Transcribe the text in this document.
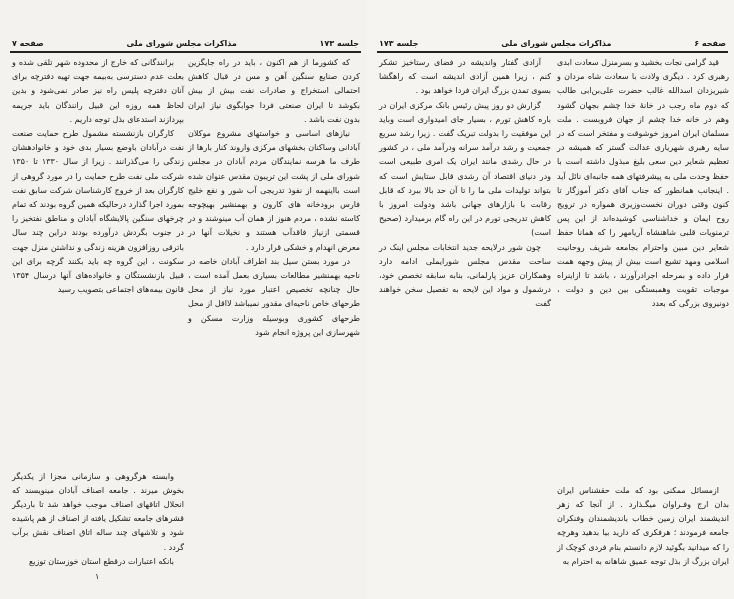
جلسه ۱۷۳
مذاکرات مجلس شورای ملی
صفحه ۷

که کشورما از هم اکنون ، باید در راه جایگزین کردن صنایع سنگین آهن و مس در قبال کاهش احتمالی استخراج و صادرات نفت بیش از بیش بکوشد تا ایران صنعتی فردا جوابگوی نیاز ایران بدون نفت باشد .

نیازهای اساسی و خواستهای مشروع موکلان آبادانی وساکنان بخشهای مرکزی واروند کنار بارها از طرف ما هرسه نمایندگان مردم آبادان در مجلس شورای ملی از پشت این تریبون مقدس عنوان شده است بااینهمه از نفوذ تدریجی آب شور و نفع خلیج فارس برودخانه های کارون و بهمنشیر بهیچوجه کاسته نشده ، مردم هنوز از همان آب مینوشند و در قسمتی ازنیاز فاقدآب هستند و نخیلات آنها در معرض انهدام و خشکی قرار دارد .

در مورد بستن سیل بند اطراف آبادان خاصه در ناحیه بهمنشیر مطالعات بسیاری بعمل آمده است ، حال چنانچه تخصیص اعتبار مورد نیاز از محل طرحهای خاص ناحیه‌ای مقدور نمیباشد لااقل از محل طرحهای کشوری وبوسیله وزارت مسکن و شهرسازی این پروژه انجام شود

برانندگانی که خارج از محدوده شهر تلقی شده و بعلت عدم دسترسی به‌بیمه جهت تهیه دفترچه برای آنان دفترچه پلیس راه نیز صادر نمی‌شود و بدین لحاظ همه روزه این قبیل رانندگان باید جریمه بپردازند استدعای بذل توجه داریم .

کارگران بازنشسته مشمول طرح حمایت صنعت نفت درآبادان باوضع بسیار بدی خود و خانوادهشان زندگی را می‌گذرانند . زیرا از سال ۱۳۳۰ تا ۱۳۵۰ شرکت ملی نفت طرح حمایت را در مورد گروهی از کارگران بعد از خروج کارشناسان شرکت سابق نفت بمورد اجرا گذارد درحالیکه همین گروه بودند که تمام چرخهای سنگین پالایشگاه آبادان و مناطق نفتخیز را در جنوب بگردش درآورده بودند دراین چند سال باترقی روزافزون هزینه زندگی و نداشتن منزل جهت سکونت ، این گروه چه باید بکنند گرچه برای این قبیل بازنشستگان و خانواده‌های آنها درسال ۱۳۵۴ قانون بیمه‌های اجتماعی بتصویب رسید

وابسته هرگروهی و سازمانی مجزا از یکدیگر بخوش میرند . جامعه اصناف آبادان مینویسند که انحلال اتاقهای اصناف موجب خواهد شد تا باردیگر قشرهای جامعه تشکیل یافته از اصناف از هم پاشیده شود و تلاشهای چند ساله اتاق اصناف نقش برآب گردد .

بانکه اعتبارات درقطع استان خوزستان توزیع

۱
صفحه ۶
مذاکرات مجلس شورای ملی
جلسه ۱۷۳

قید گرامی نجات بخشید و بسرمنزل سعادت ابدی رهبری کرد . دیگری ولادت با سعادت شاه مردان و شیریزدان اسدالله غالب حضرت علی‌بن‌ابی طالب که دوم ماه رجب در خانهٔ خدا چشم بجهان گشود وهم در خانه خدا چشم از جهان فروبست . ملت مسلمان ایران امروز خوشوقت و مفتخر است که در سایه رهبری شهریاری عدالت گستر که همیشه در تعظیم شعایر دین سعی بلیغ مبذول داشته است با حفظ وحدت ملی به پیشرفتهای همه جانبه‌ای نائل آید . اینجانب همانطور که جناب آقای دکتر آموزگار تا کنون وقتی دوران نخست‌وزیری همواره در ترویج روح ایمان و خداشناسی کوشیده‌اند از این پس ترمنویات قلبی شاهنشاه آریامهر را که همانا حفظ شعایر دین مبین واحترام بجامعه شریف روحانیت اسلامی ومهد تشیع است بیش از پیش وجهه همت قرار داده و بمرحله اجرادرآورند ، باشد تا ازاینراه موجبات تقویت وهمبستگی بین دین و دولت ، دونیروی بزرگی که بعدد

ازمسائل ممکنی بود که ملت حقشناس ایران بدان ارج وفـراوان میگـذارد . از آنجا که زهر اندیشمند ایران زمین خطاب باندیشمندان وفنکران جامعه فرمودند ؛ هرفکری که دارید بیا بدهید وهرچه را که میدانید بگوئید لازم دانستم بنام فردی کوچک از ایران بزرگ از بذل توجه عمیق شاهانه به احترام به

آزادی گفتار واندیشه در فضای رستاخیز تشکر کنم ، زیرا همین آزادی اندیشه است که راهگشا بسوی تمدن بزرگ ایران فردا خواهد بود .

گزارش دو روز پیش رئیس بانک مرکزی ایران در باره کاهش تورم ، بسیار جای امیدواری است وباید این موفقیت را بدولت تبریک گفت . زیرا رشد سریع جمعیت و رشد درآمد سرانه ودرآمد ملی ، در کشور در حال رشدی مانند ایران یک امری طبیعی است ودر دنیای اقتصاد آن رشدی قابل ستایش است که بتواند تولیدات ملی ما را تا آن حد بالا ببرد که قابل رقابت با بازارهای جهانی باشد ودولت امروز با کاهش تدریجی تورم در این راه گام برمیدارد (صحیح است)

چون شور درلایحه جدید انتخابات مجلس اینک در ساحت مقدس مجلس شورایملی ادامه دارد وهمکاران عزیز پارلمانی، بنابه سابقه تخصص خود، درشمول و مواد این لایحه به تفصیل سخن خواهند گفت
